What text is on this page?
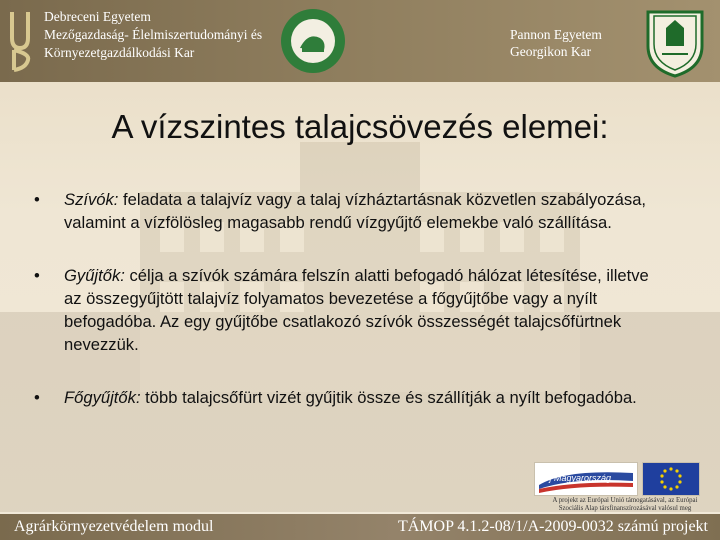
Debreceni Egyetem
Mezőgazdaság- Élelmiszertudományi és
Környezetgazdálkodási Kar
Pannon Egyetem
Georgikon Kar
A vízszintes talajcsövezés elemei:
• Szívók: feladata a talajvíz vagy a talaj vízháztartásnak közvetlen szabályozása, valamint a vízfölösleg magasabb rendű vízgyűjtő elemekbe való szállítása.
• Gyűjtők: célja a szívók számára felszín alatti befogadó hálózat létesítése, illetve az összegyűjtött talajvíz folyamatos bevezetése a főgyűjtőbe vagy a nyílt befogadóba. Az egy gyűjtőbe csatlakozó szívók összességét talajcsőfürtnek nevezzük.
• Főgyűjtők: több talajcsőfürt vizét gyűjtik össze és szállítják a nyílt befogadóba.
Új Magyarország
A projekt az Európai Unió támogatásával, az Európai
Szociális Alap társfinanszírozásával valósul meg
Agrárkörnyezetvédelem modul	TÁMOP 4.1.2-08/1/A-2009-0032 számú projekt
